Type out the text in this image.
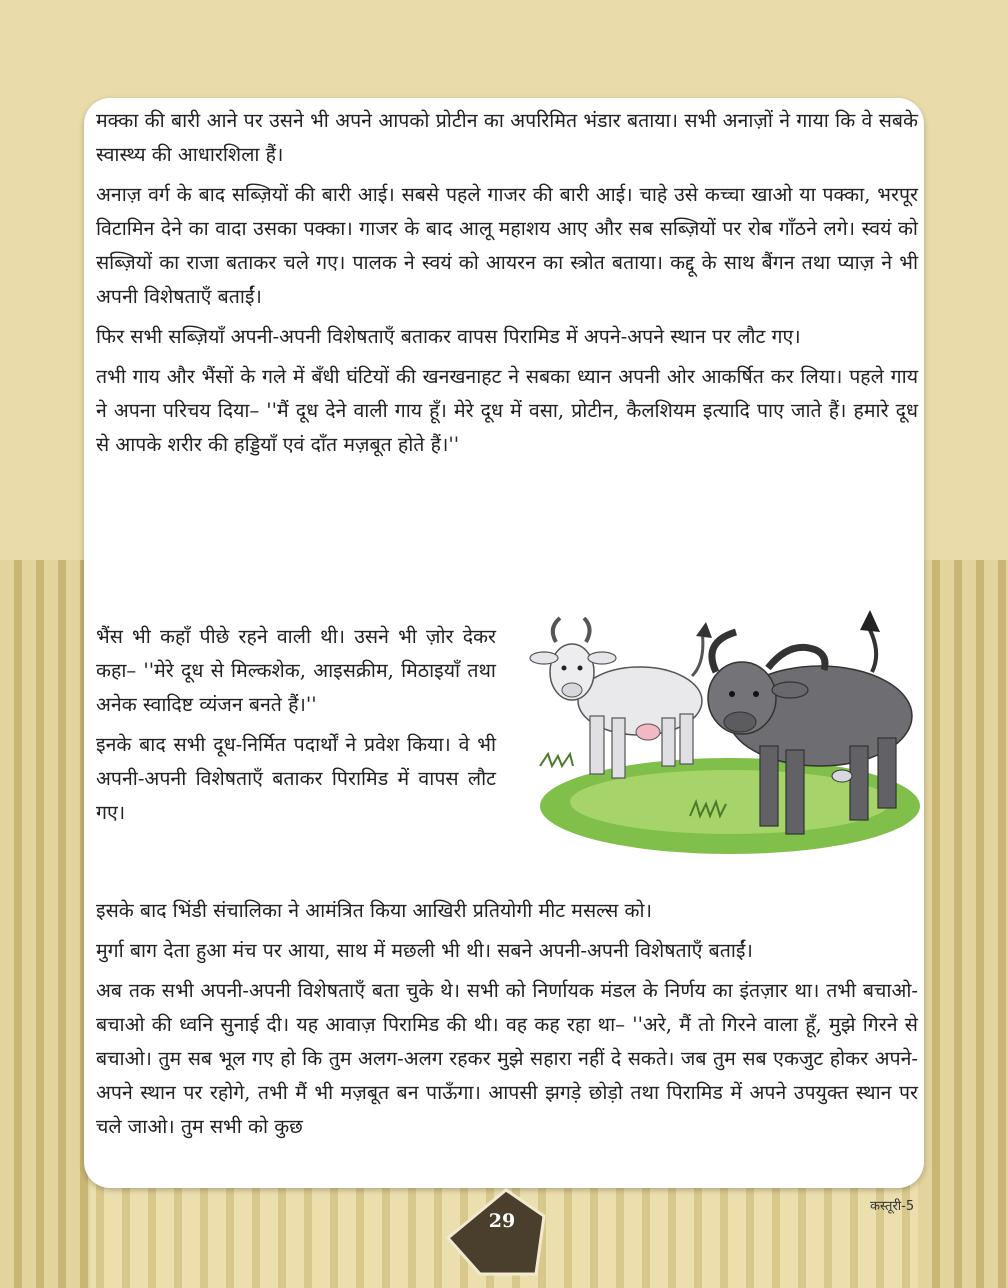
मक्का की बारी आने पर उसने भी अपने आपको प्रोटीन का अपरिमित भंडार बताया। सभी अनाज़ों ने गाया कि वे सबके स्वास्थ्य की आधारशिला हैं।

अनाज़ वर्ग के बाद सब्ज़ियों की बारी आई। सबसे पहले गाजर की बारी आई। चाहे उसे कच्चा खाओ या पक्का, भरपूर विटामिन देने का वादा उसका पक्का। गाजर के बाद आलू महाशय आए और सब सब्ज़ियों पर रोब गाँठने लगे। स्वयं को सब्ज़ियों का राजा बताकर चले गए। पालक ने स्वयं को आयरन का स्त्रोत बताया। कद्दू के साथ बैंगन तथा प्याज़ ने भी अपनी विशेषताएँ बताईं।

फिर सभी सब्ज़ियाँ अपनी-अपनी विशेषताएँ बताकर वापस पिरामिड में अपने-अपने स्थान पर लौट गए।

तभी गाय और भैंसों के गले में बँधी घंटियों की खनखनाहट ने सबका ध्यान अपनी ओर आकर्षित कर लिया। पहले गाय ने अपना परिचय दिया– ''मैं दूध देने वाली गाय हूँ। मेरे दूध में वसा, प्रोटीन, कैलशियम इत्यादि पाए जाते हैं। हमारे दूध से आपके शरीर की हड्डियाँ एवं दाँत मज़बूत होते हैं।''

भैंस भी कहाँ पीछे रहने वाली थी। उसने भी ज़ोर देकर कहा– ''मेरे दूध से मिल्कशेक, आइसक्रीम, मिठाइयाँ तथा अनेक स्वादिष्ट व्यंजन बनते हैं।''

इनके बाद सभी दूध-निर्मित पदार्थों ने प्रवेश किया। वे भी अपनी-अपनी विशेषताएँ बताकर पिरामिड में वापस लौट गए।

इसके बाद भिंडी संचालिका ने आमंत्रित किया आखिरी प्रतियोगी मीट मसल्स को।

मुर्गा बाग देता हुआ मंच पर आया, साथ में मछली भी थी। सबने अपनी-अपनी विशेषताएँ बताईं।

अब तक सभी अपनी-अपनी विशेषताएँ बता चुके थे। सभी को निर्णायक मंडल के निर्णय का इंतज़ार था। तभी बचाओ-बचाओ की ध्वनि सुनाई दी। यह आवाज़ पिरामिड की थी। वह कह रहा था– ''अरे, मैं तो गिरने वाला हूँ, मुझे गिरने से बचाओ। तुम सब भूल गए हो कि तुम अलग-अलग रहकर मुझे सहारा नहीं दे सकते। जब तुम सब एकजुट होकर अपने-अपने स्थान पर रहोगे, तभी मैं भी मज़बूत बन पाऊँगा। आपसी झगड़े छोड़ो तथा पिरामिड में अपने उपयुक्त स्थान पर चले जाओ। तुम सभी को कुछ

29
कस्तूरी-5
